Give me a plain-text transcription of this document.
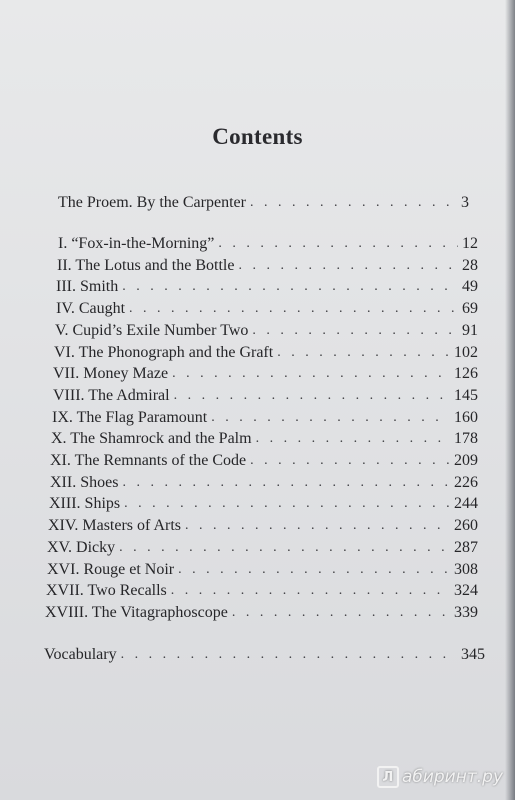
Contents
The Proem. By the Carpenter . . .	3
I. “Fox-in-the-Morning” . . .	12
II. The Lotus and the Bottle . . .	28
III. Smith . . .	49
IV. Caught . . .	69
V. Cupid’s Exile Number Two . . .	91
VI. The Phonograph and the Graft . . .	102
VII. Money Maze . . .	126
VIII. The Admiral . . .	145
IX. The Flag Paramount . . .	160
X. The Shamrock and the Palm . . .	178
XI. The Remnants of the Code . . .	209
XII. Shoes . . .	226
XIII. Ships . . .	244
XIV. Masters of Arts . . .	260
XV. Dicky . . .	287
XVI. Rouge et Noir . . .	308
XVII. Two Recalls . . .	324
XVIII. The Vitagraphoscope . . .	339
Vocabulary . . .	345
Л абиринт.ру
